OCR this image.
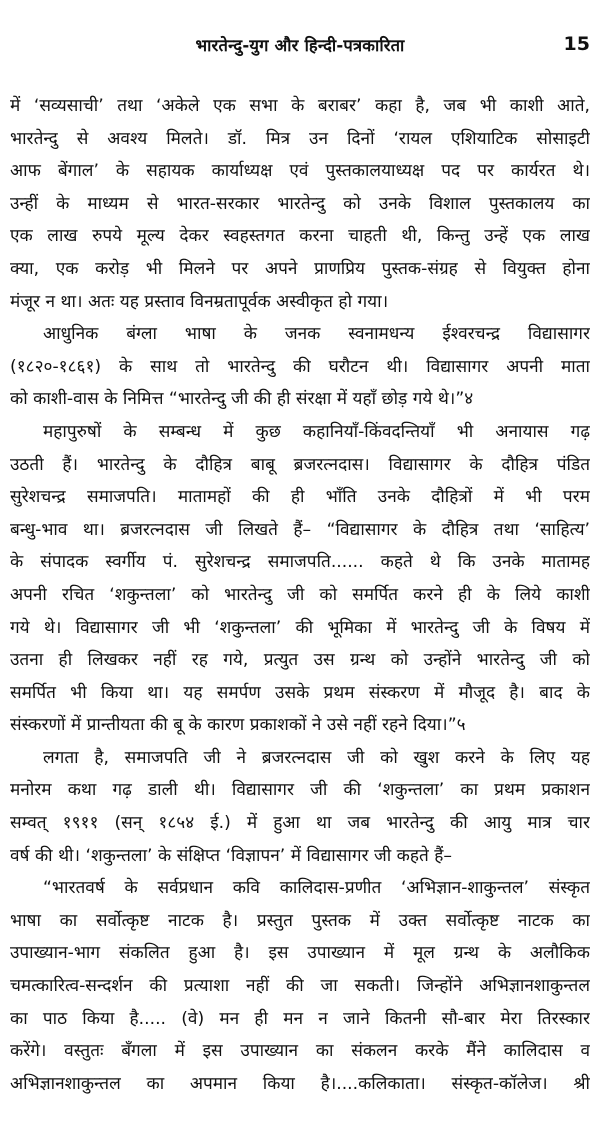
भारतेन्दु-युग और हिन्दी-पत्रकारिता	15
में ‘सव्यसाची’ तथा ‘अकेले एक सभा के बराबर’ कहा है, जब भी काशी आते,
भारतेन्दु से अवश्य मिलते। डॉ. मित्र उन दिनों ‘रायल एशियाटिक सोसाइटी
आफ बेंगाल’ के सहायक कार्याध्यक्ष एवं पुस्तकालयाध्यक्ष पद पर कार्यरत थे।
उन्हीं के माध्यम से भारत-सरकार भारतेन्दु को उनके विशाल पुस्तकालय का
एक लाख रुपये मूल्य देकर स्वहस्तगत करना चाहती थी, किन्तु उन्हें एक लाख
क्या, एक करोड़ भी मिलने पर अपने प्राणप्रिय पुस्तक-संग्रह से वियुक्त होना
मंजूर न था। अतः यह प्रस्ताव विनम्रतापूर्वक अस्वीकृत हो गया।
आधुनिक बंग्ला भाषा के जनक स्वनामधन्य ईश्वरचन्द्र विद्यासागर
(१८२०-१८६१) के साथ तो भारतेन्दु की घरौटन थी। विद्यासागर अपनी माता
को काशी-वास के निमित्त “भारतेन्दु जी की ही संरक्षा में यहाँ छोड़ गये थे।”४
महापुरुषों के सम्बन्ध में कुछ कहानियाँ-किंवदन्तियाँ भी अनायास गढ़
उठती हैं। भारतेन्दु के दौहित्र बाबू ब्रजरत्नदास। विद्यासागर के दौहित्र पंडित
सुरेशचन्द्र समाजपति। मातामहों की ही भाँति उनके दौहित्रों में भी परम
बन्धु-भाव था। ब्रजरत्नदास जी लिखते हैं– “विद्यासागर के दौहित्र तथा ‘साहित्य’
के संपादक स्वर्गीय पं. सुरेशचन्द्र समाजपति...... कहते थे कि उनके मातामह
अपनी रचित ‘शकुन्तला’ को भारतेन्दु जी को समर्पित करने ही के लिये काशी
गये थे। विद्यासागर जी भी ‘शकुन्तला’ की भूमिका में भारतेन्दु जी के विषय में
उतना ही लिखकर नहीं रह गये, प्रत्युत उस ग्रन्थ को उन्होंने भारतेन्दु जी को
समर्पित भी किया था। यह समर्पण उसके प्रथम संस्करण में मौजूद है। बाद के
संस्करणों में प्रान्तीयता की बू के कारण प्रकाशकों ने उसे नहीं रहने दिया।”५
लगता है, समाजपति जी ने ब्रजरत्नदास जी को खुश करने के लिए यह
मनोरम कथा गढ़ डाली थी। विद्यासागर जी की ‘शकुन्तला’ का प्रथम प्रकाशन
सम्वत् १९११ (सन् १८५४ ई.) में हुआ था जब भारतेन्दु की आयु मात्र चार
वर्ष की थी। ‘शकुन्तला’ के संक्षिप्त ‘विज्ञापन’ में विद्यासागर जी कहते हैं–
“भारतवर्ष के सर्वप्रधान कवि कालिदास-प्रणीत ‘अभिज्ञान-शाकुन्तल’ संस्कृत
भाषा का सर्वोत्कृष्ट नाटक है। प्रस्तुत पुस्तक में उक्त सर्वोत्कृष्ट नाटक का
उपाख्यान-भाग संकलित हुआ है। इस उपाख्यान में मूल ग्रन्थ के अलौकिक
चमत्कारित्व-सन्दर्शन की प्रत्याशा नहीं की जा सकती। जिन्होंने अभिज्ञानशाकुन्तल
का पाठ किया है..... (वे) मन ही मन न जाने कितनी सौ-बार मेरा तिरस्कार
करेंगे। वस्तुतः बँगला में इस उपाख्यान का संकलन करके मैंने कालिदास व
अभिज्ञानशाकुन्तल का अपमान किया है।....कलिकाता। संस्कृत-कॉलेज। श्री
